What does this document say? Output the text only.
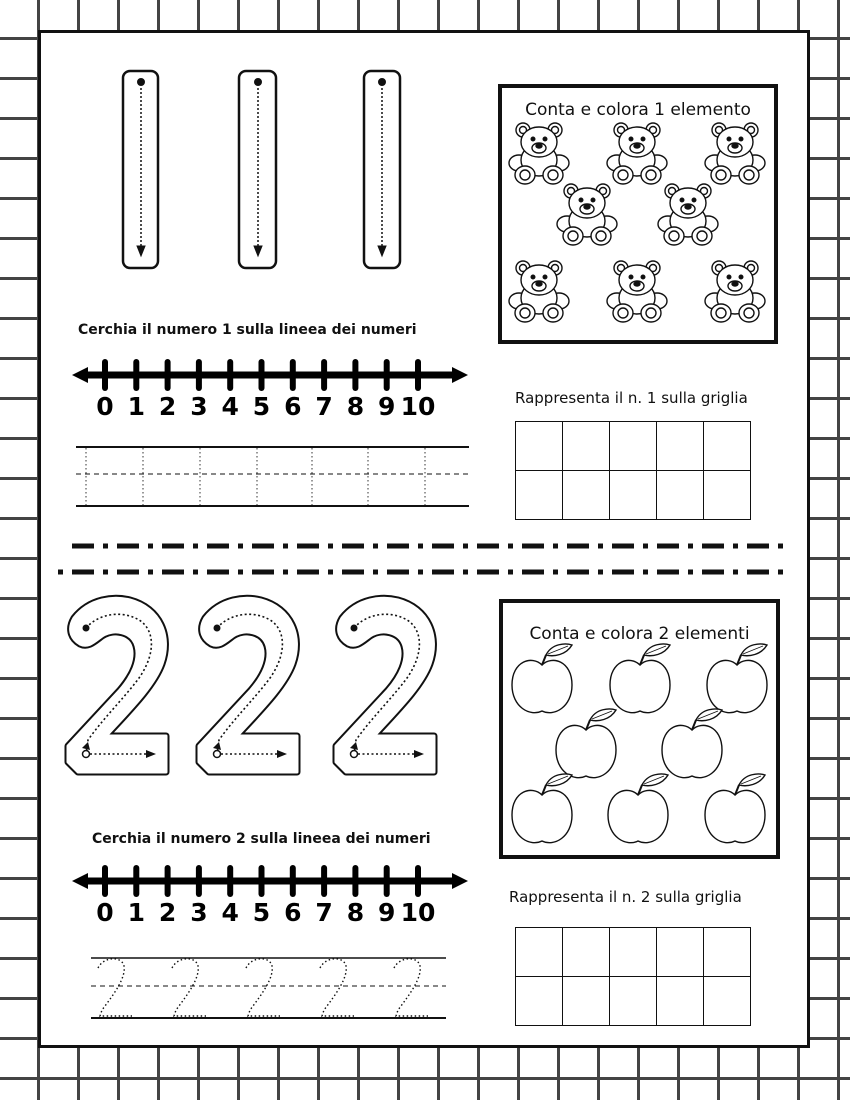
Conta e colora 1 elemento
Cerchia il numero 1 sulla lineea dei numeri
0 1 2 3 4 5 6 7 8 9 10	Rappresenta il n. 1 sulla griglia

Conta e colora 2 elementi
Cerchia il numero 2 sulla lineea dei numeri
0 1 2 3 4 5 6 7 8 9 10
Rappresenta il n. 2 sulla griglia
